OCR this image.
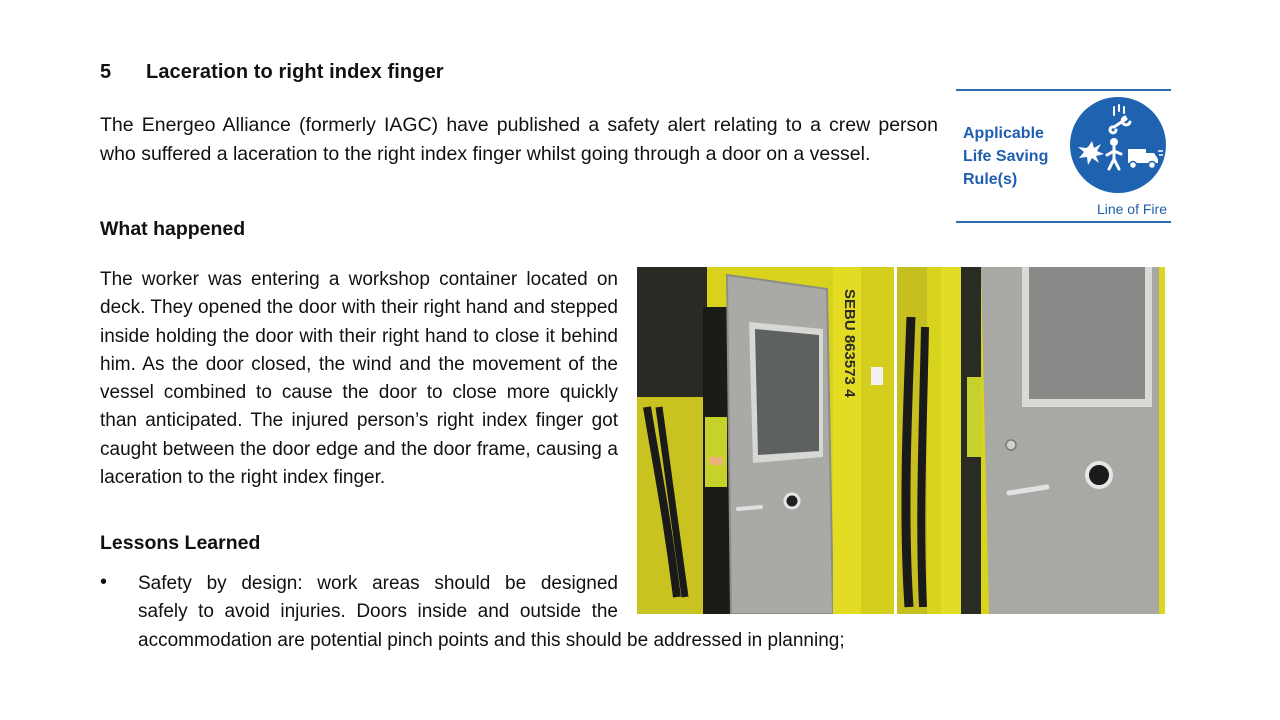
5 Laceration to right index finger

The Energeo Alliance (formerly IAGC) have published a safety alert relating to a crew person who suffered a laceration to the right index finger whilst going through a door on a vessel.

What happened

The worker was entering a workshop container located on deck. They opened the door with their right hand and stepped inside holding the door with their right hand to close it behind him. As the door closed, the wind and the movement of the vessel combined to cause the door to close more quickly than anticipated. The injured person’s right index finger got caught between the door edge and the door frame, causing a laceration to the right index finger.

Lessons Learned
• Safety by design: work areas should be designed
safely to avoid injuries. Doors inside and outside the
accommodation are potential pinch points and this should be addressed in planning;
Applicable
Life Saving
Rule(s)
Line of Fire
SEBU 863573 4
